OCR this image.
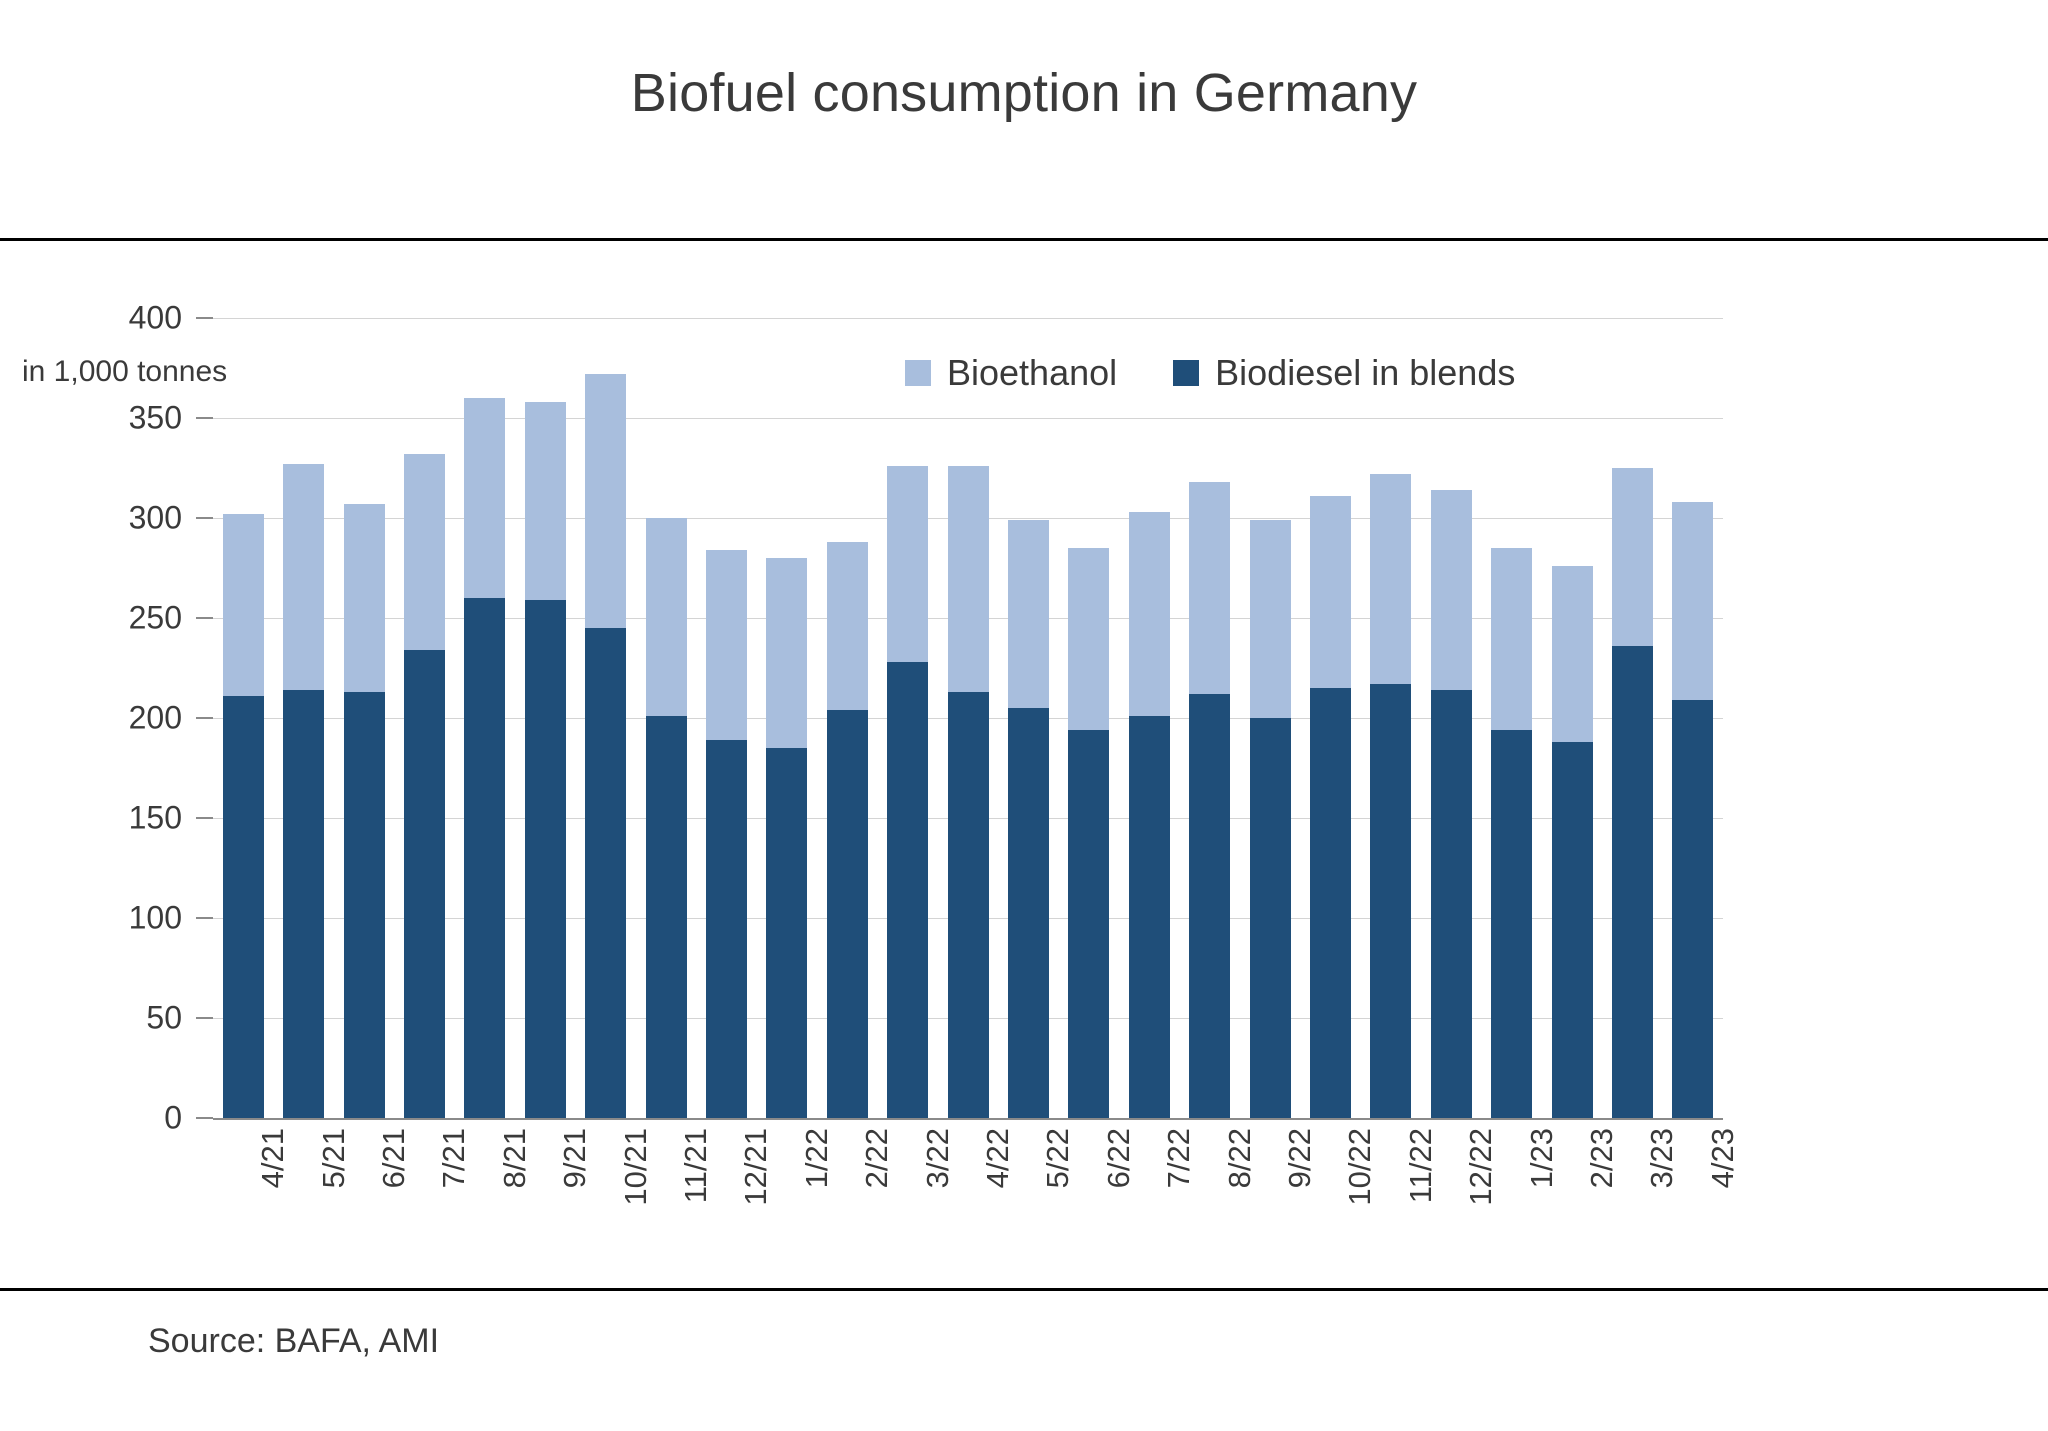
Biofuel consumption in Germany
in 1,000 tonnes
0
50
100
150
200
250
300
350
400
4/21 5/21 6/21 7/21 8/21 9/21 10/21 11/21 12/21 1/22 2/22 3/22 4/22 5/22 6/22 7/22 8/22 9/22 10/22 11/22 12/22 1/23 2/23 3/23 4/23
Bioethanol	Biodiesel in blends
Source: BAFA, AMI
